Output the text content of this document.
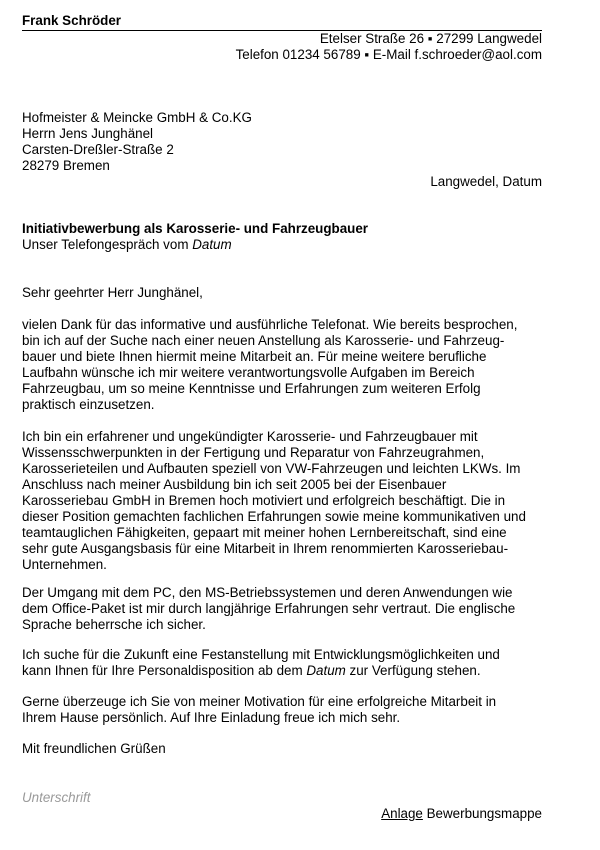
Frank Schröder
Etelser Straße 26 ▪ 27299 Langwedel
Telefon 01234 56789 ▪ E-Mail f.schroeder@aol.com
Hofmeister & Meincke GmbH & Co.KG
Herrn Jens Junghänel
Carsten-Dreßler-Straße 2
28279 Bremen
Langwedel, Datum
Initiativbewerbung als Karosserie- und Fahrzeugbauer
Unser Telefongespräch vom Datum
Sehr geehrter Herr Junghänel,
vielen Dank für das informative und ausführliche Telefonat. Wie bereits besprochen,
bin ich auf der Suche nach einer neuen Anstellung als Karosserie- und Fahrzeug-
bauer und biete Ihnen hiermit meine Mitarbeit an. Für meine weitere berufliche
Laufbahn wünsche ich mir weitere verantwortungsvolle Aufgaben im Bereich
Fahrzeugbau, um so meine Kenntnisse und Erfahrungen zum weiteren Erfolg
praktisch einzusetzen.
Ich bin ein erfahrener und ungekündigter Karosserie- und Fahrzeugbauer mit
Wissensschwerpunkten in der Fertigung und Reparatur von Fahrzeugrahmen,
Karosserieteilen und Aufbauten speziell von VW-Fahrzeugen und leichten LKWs. Im
Anschluss nach meiner Ausbildung bin ich seit 2005 bei der Eisenbauer
Karosseriebau GmbH in Bremen hoch motiviert und erfolgreich beschäftigt. Die in
dieser Position gemachten fachlichen Erfahrungen sowie meine kommunikativen und
teamtauglichen Fähigkeiten, gepaart mit meiner hohen Lernbereitschaft, sind eine
sehr gute Ausgangsbasis für eine Mitarbeit in Ihrem renommierten Karosseriebau-
Unternehmen.
Der Umgang mit dem PC, den MS-Betriebssystemen und deren Anwendungen wie
dem Office-Paket ist mir durch langjährige Erfahrungen sehr vertraut. Die englische
Sprache beherrsche ich sicher.
Ich suche für die Zukunft eine Festanstellung mit Entwicklungsmöglichkeiten und
kann Ihnen für Ihre Personaldisposition ab dem Datum zur Verfügung stehen.
Gerne überzeuge ich Sie von meiner Motivation für eine erfolgreiche Mitarbeit in
Ihrem Hause persönlich. Auf Ihre Einladung freue ich mich sehr.
Mit freundlichen Grüßen
Unterschrift
Anlage Bewerbungsmappe
